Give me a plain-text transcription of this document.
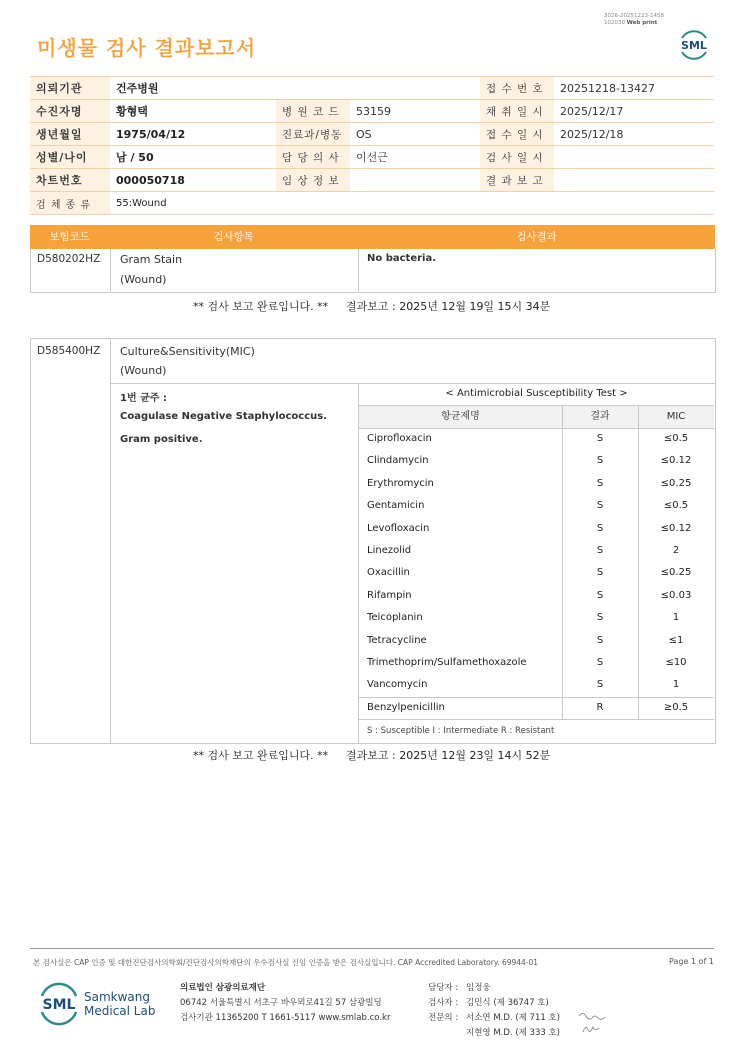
미생물 검사 결과보고서
3026-20251223-1458
102030 Web print
SML
의뢰기관	건주병원			접 수 번 호	20251218-13427
수진자명	황형택	병 원 코 드	53159	채 취 일 시	2025/12/17
생년월일	1975/04/12	진료과/병동	OS	접 수 일 시	2025/12/18
성별/나이	남 / 50	담 당 의 사	이선근	검 사 일 시	
차트번호	000050718	임 상 정 보		결 과 보 고	
검 체 종 류	55:Wound				
보험코드	검사항목	검사결과
D580202HZ Gram Stain
(Wound)
No bacteria.
** 검사 보고 완료입니다. ** 결과보고 : 2025년 12월 19일 15시 34분
D585400HZ Culture&Sensitivity(MIC)
(Wound)
1번 균주 :
Coagulase Negative Staphylococcus.
Gram positive.
< Antimicrobial Susceptibility Test >
항균제명	결과	MIC
Ciprofloxacin	S	≤0.5
Clindamycin	S	≤0.12
Erythromycin	S	≤0.25
Gentamicin	S	≤0.5
Levofloxacin	S	≤0.12
Linezolid	S	2
Oxacillin	S	≤0.25
Rifampin	S	≤0.03
Teicoplanin	S	1
Tetracycline	S	≤1
Trimethoprim/Sulfamethoxazole	S	≤10
Vancomycin	S	1
Benzylpenicillin	R	≥0.5
S : Susceptible I : Intermediate R : Resistant
** 검사 보고 완료입니다. ** 결과보고 : 2025년 12월 23일 14시 52분
본 검사실은 CAP 인증 및 대한진단검사의학회/진단검사의학재단의 우수검사실 신임 인증을 받은 검사실입니다. CAP Accredited Laboratory. 69944-01	Page 1 of 1
SML Samkwang
Medical Lab
의료법인 삼광의료재단
06742 서울특별시 서초구 바우뫼로41길 57 삼광빌딩
검사기관 11365200 T 1661-5117 www.smlab.co.kr
담당자 : 임정웅
검사자 : 김민식 (제 36747 호)
전문의 : 서소연 M.D. (제 711 호)
지현영 M.D. (제 333 호)
